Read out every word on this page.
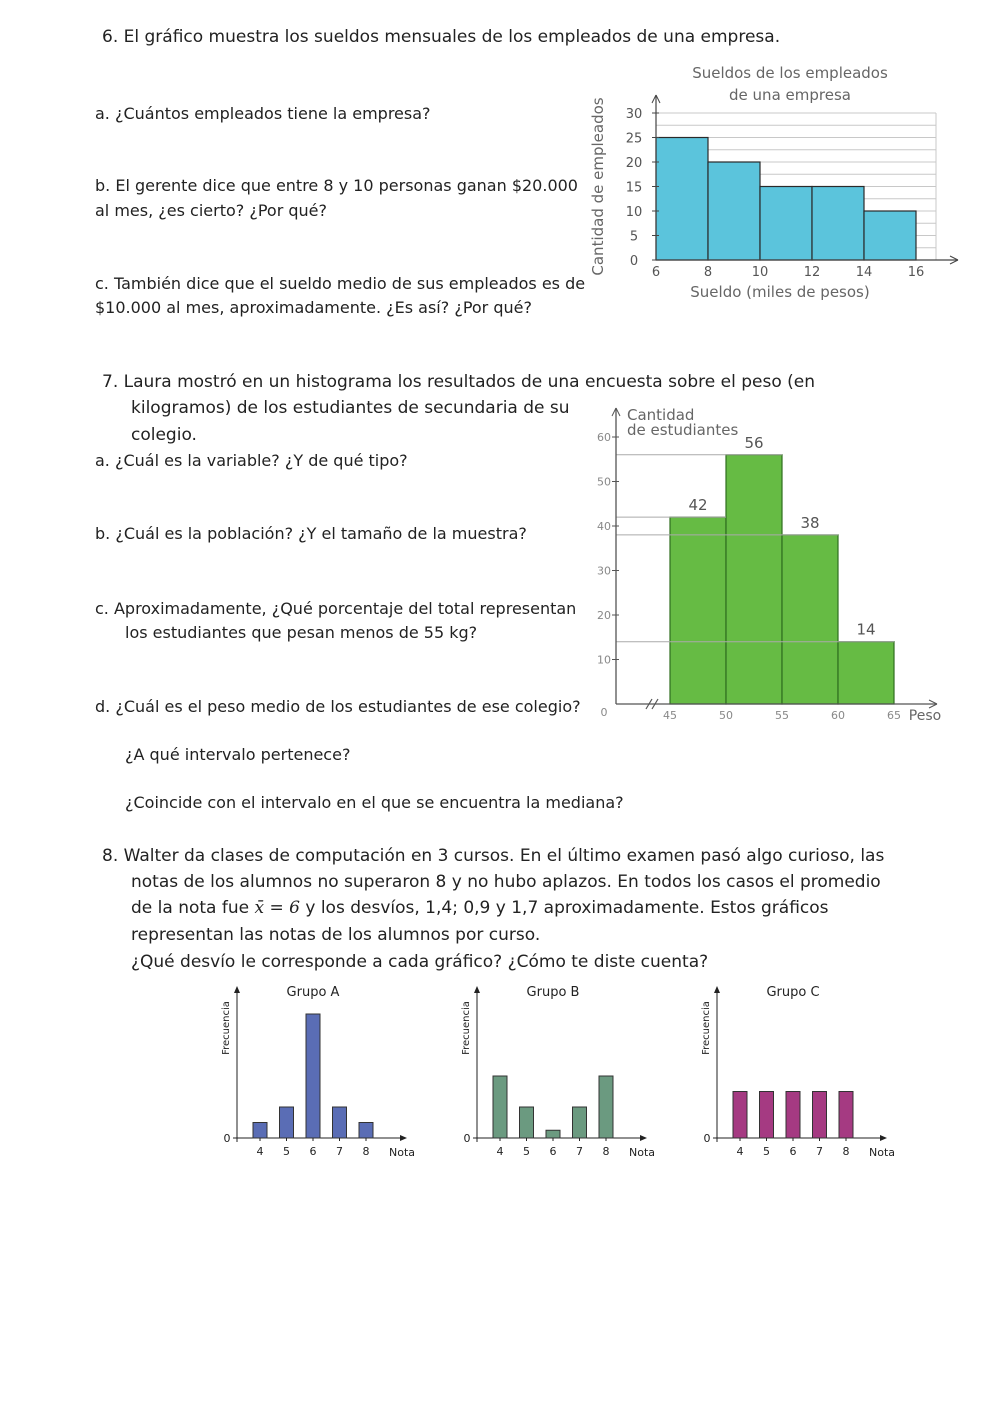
6. El gráfico muestra los sueldos mensuales de los empleados de una empresa.
a. ¿Cuántos empleados tiene la empresa?
b. El gerente dice que entre 8 y 10 personas ganan $20.000
al mes, ¿es cierto? ¿Por qué?
c. También dice que el sueldo medio de sus empleados es de
$10.000 al mes, aproximadamente. ¿Es así? ¿Por qué?
0
5
10
15
20
25
30
6	8	10	12	14	16
Sueldos de los empleados
de una empresa
Sueldo (miles de pesos)
Cantidad de empleados
7. Laura mostró en un histograma los resultados de una encuesta sobre el peso (en
kilogramos) de los estudiantes de secundaria de su
colegio.
a. ¿Cuál es la variable? ¿Y de qué tipo?
b. ¿Cuál es la población? ¿Y el tamaño de la muestra?
c. Aproximadamente, ¿Qué porcentaje del total representan
los estudiantes que pesan menos de 55 kg?
d. ¿Cuál es el peso medio de los estudiantes de ese colegio?
¿A qué intervalo pertenece?
¿Coincide con el intervalo en el que se encuentra la mediana?
42
56
38
14
0
10
20
30
40
50
60
45	50	55	60	65 Peso
Cantidad
de estudiantes
8. Walter da clases de computación en 3 cursos. En el último examen pasó algo curioso, las
notas de los alumnos no superaron 8 y no hubo aplazos. En todos los casos el promedio
de la nota fue x̄ = 6 y los desvíos, 1,4; 0,9 y 1,7 aproximadamente. Estos gráficos
representan las notas de los alumnos por curso.
¿Qué desvío le corresponde a cada gráfico? ¿Cómo te diste cuenta?
Grupo A
0
Frecuencia
4 5 6 7 8 Nota
Grupo B
0
Frecuencia
4 5 6 7 8 Nota
Grupo C
0
Frecuencia
4 5 6 7 8 Nota
